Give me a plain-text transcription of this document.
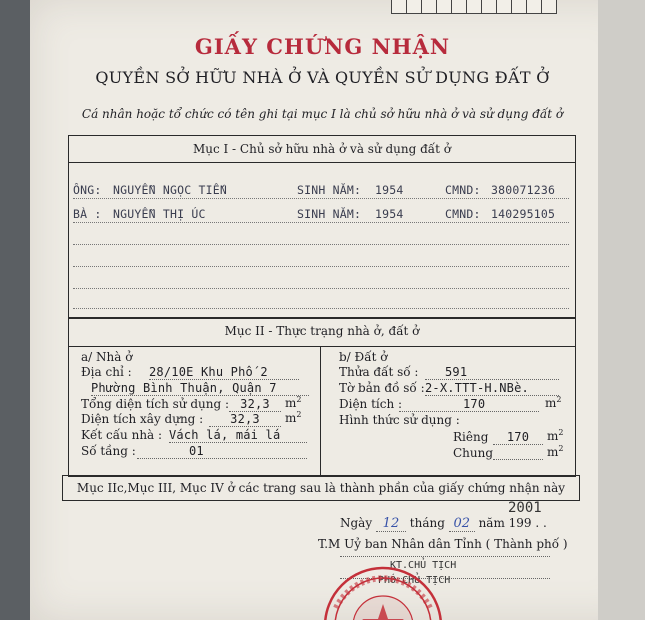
GIẤY CHỨNG NHẬN
QUYỀN SỞ HỮU NHÀ Ở VÀ QUYỀN SỬ DỤNG ĐẤT Ở
Cá nhân hoặc tổ chức có tên ghi tại mục I là chủ sở hữu nhà ở và sử dụng đất ở
Mục I - Chủ sở hữu nhà ở và sử dụng đất ở
ÔNG: NGUYỄN NGỌC TIẾN	SINH NĂM: 1954	CMND: 380071236
BÀ : NGUYỄN THỊ ÚC	SINH NĂM: 1954	CMND: 140295105
Mục II - Thực trạng nhà ở, đất ở
a/ Nhà ở
Địa chỉ : 28/10E Khu Phố 2
Phường Bình Thuận, Quận 7
Tổng diện tích sử dụng : 32,3	$m^2$
Diện tích xây dựng :	32,3	$m^2$
Kết cấu nhà : Vách lá, mái lá
Số tầng :	01
b/ Đất ở
Thửa đất số :	591
Tờ bản đồ số : 2-X.TTT-H.NBè.
Diện tích :	170	$m^2$
Hình thức sử dụng :
Riêng	170	$m^2$
Chung	$m^2$
Mục IIc,Mục III, Mục IV ở các trang sau là thành phần của giấy chứng nhận này
2001
Ngày 12 tháng 02 năm 199 . .
T.M Uỷ ban Nhân dân Tỉnh ( Thành phố )
KT.CHỦ TỊCH
PHÓ CHỦ TỊCH
